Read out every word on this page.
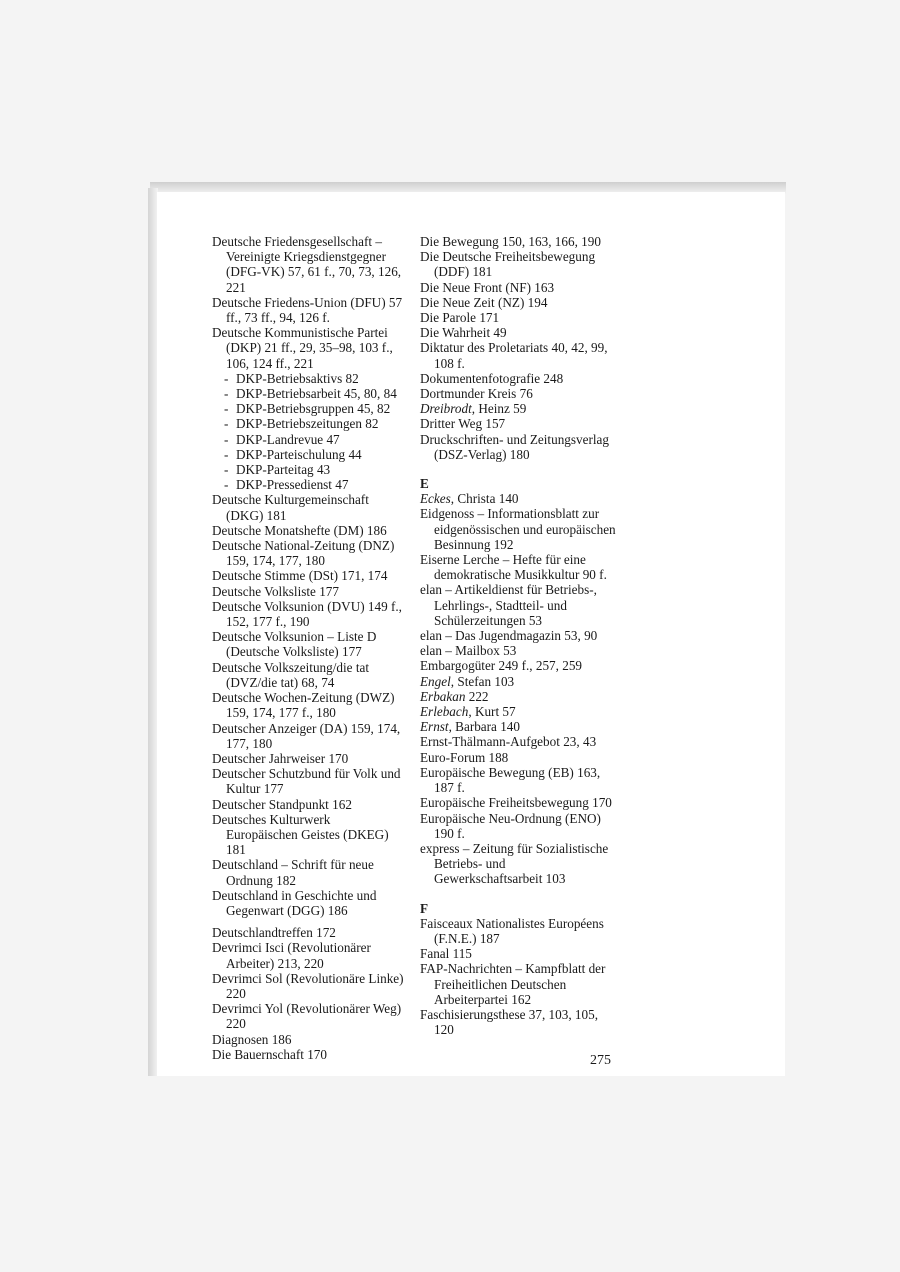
Deutsche Friedensgesellschaft – Vereinigte Kriegsdienstgegner (DFG-VK) 57, 61 f., 70, 73, 126, 221

Deutsche Friedens-Union (DFU) 57 ff., 73 ff., 94, 126 f.

Deutsche Kommunistische Partei (DKP) 21 ff., 29, 35–98, 103 f., 106, 124 ff., 221

- DKP-Betriebsaktivs 82

- DKP-Betriebsarbeit 45, 80, 84

- DKP-Betriebsgruppen 45, 82

- DKP-Betriebszeitungen 82

- DKP-Landrevue 47

- DKP-Parteischulung 44

- DKP-Parteitag 43

- DKP-Pressedienst 47

Deutsche Kulturgemeinschaft (DKG) 181

Deutsche Monatshefte (DM) 186

Deutsche National-Zeitung (DNZ) 159, 174, 177, 180

Deutsche Stimme (DSt) 171, 174

Deutsche Volksliste 177

Deutsche Volksunion (DVU) 149 f., 152, 177 f., 190

Deutsche Volksunion – Liste D (Deutsche Volksliste) 177

Deutsche Volkszeitung/die tat (DVZ/die tat) 68, 74

Deutsche Wochen-Zeitung (DWZ) 159, 174, 177 f., 180

Deutscher Anzeiger (DA) 159, 174, 177, 180

Deutscher Jahrweiser 170

Deutscher Schutzbund für Volk und Kultur 177

Deutscher Standpunkt 162

Deutsches Kulturwerk Europäischen Geistes (DKEG) 181

Deutschland – Schrift für neue Ordnung 182

Deutschland in Geschichte und Gegenwart (DGG) 186

Deutschlandtreffen 172

Devrimci Isci (Revolutionärer Arbeiter) 213, 220

Devrimci Sol (Revolutionäre Linke) 220

Devrimci Yol (Revolutionärer Weg) 220

Diagnosen 186

Die Bauernschaft 170

Die Bewegung 150, 163, 166, 190

Die Deutsche Freiheitsbewegung (DDF) 181

Die Neue Front (NF) 163

Die Neue Zeit (NZ) 194

Die Parole 171

Die Wahrheit 49

Diktatur des Proletariats 40, 42, 99, 108 f.

Dokumentenfotografie 248

Dortmunder Kreis 76

Dreibrodt, Heinz 59

Dritter Weg 157

Druckschriften- und Zeitungsverlag (DSZ-Verlag) 180

E

Eckes, Christa 140

Eidgenoss – Informationsblatt zur eidgenössischen und europäischen Besinnung 192

Eiserne Lerche – Hefte für eine demokratische Musikkultur 90 f.

elan – Artikeldienst für Betriebs-, Lehrlings-, Stadtteil- und Schülerzeitungen 53

elan – Das Jugendmagazin 53, 90

elan – Mailbox 53

Embargogüter 249 f., 257, 259

Engel, Stefan 103

Erbakan 222

Erlebach, Kurt 57

Ernst, Barbara 140

Ernst-Thälmann-Aufgebot 23, 43

Euro-Forum 188

Europäische Bewegung (EB) 163, 187 f.

Europäische Freiheitsbewegung 170

Europäische Neu-Ordnung (ENO) 190 f.

express – Zeitung für Sozialistische Betriebs- und Gewerkschaftsarbeit 103

F

Faisceaux Nationalistes Européens (F.N.E.) 187

Fanal 115

FAP-Nachrichten – Kampfblatt der Freiheitlichen Deutschen Arbeiterpartei 162

Faschisierungsthese 37, 103, 105, 120

275
